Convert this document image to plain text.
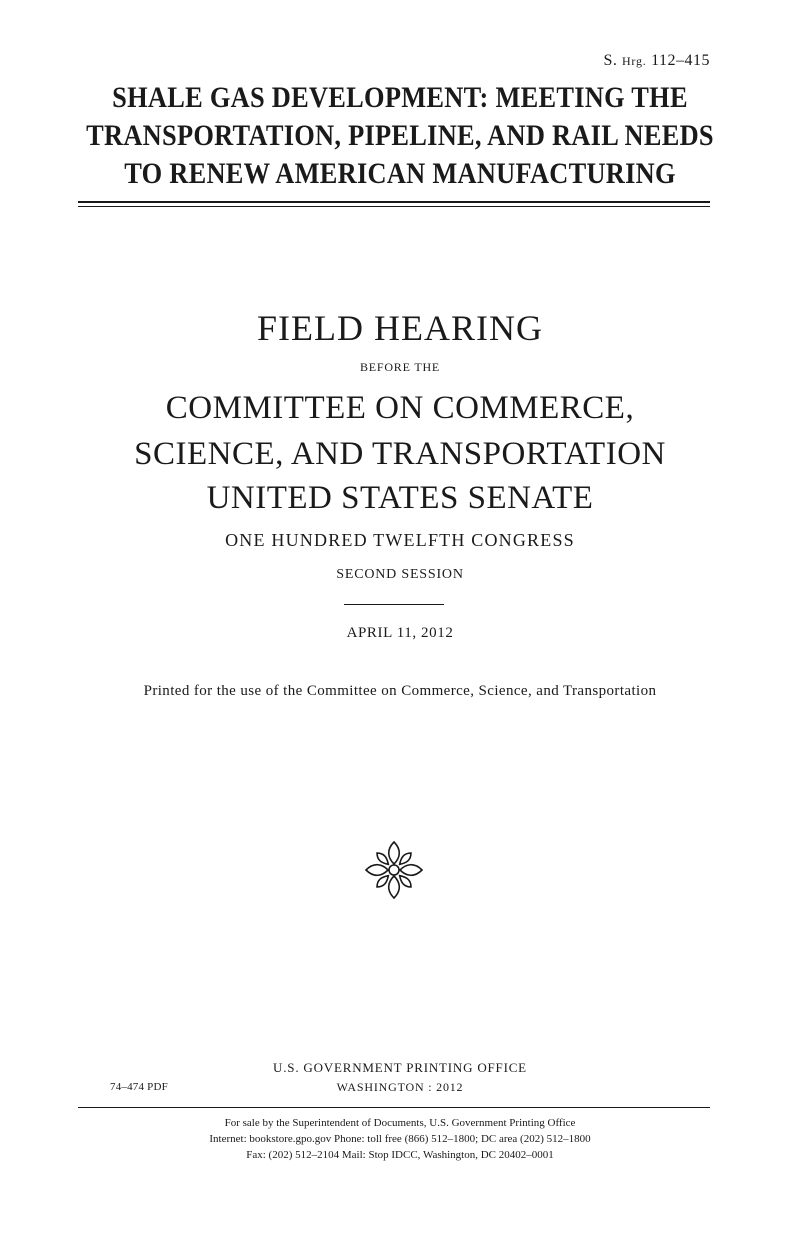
S. Hrg. 112–415
SHALE GAS DEVELOPMENT: MEETING THE
TRANSPORTATION, PIPELINE, AND RAIL NEEDS
TO RENEW AMERICAN MANUFACTURING
FIELD HEARING
BEFORE THE
COMMITTEE ON COMMERCE,
SCIENCE, AND TRANSPORTATION
UNITED STATES SENATE
ONE HUNDRED TWELFTH CONGRESS
SECOND SESSION
APRIL 11, 2012
Printed for the use of the Committee on Commerce, Science, and Transportation
U.S. GOVERNMENT PRINTING OFFICE
74–474 PDF	WASHINGTON : 2012
For sale by the Superintendent of Documents, U.S. Government Printing Office
Internet: bookstore.gpo.gov Phone: toll free (866) 512–1800; DC area (202) 512–1800
Fax: (202) 512–2104 Mail: Stop IDCC, Washington, DC 20402–0001
